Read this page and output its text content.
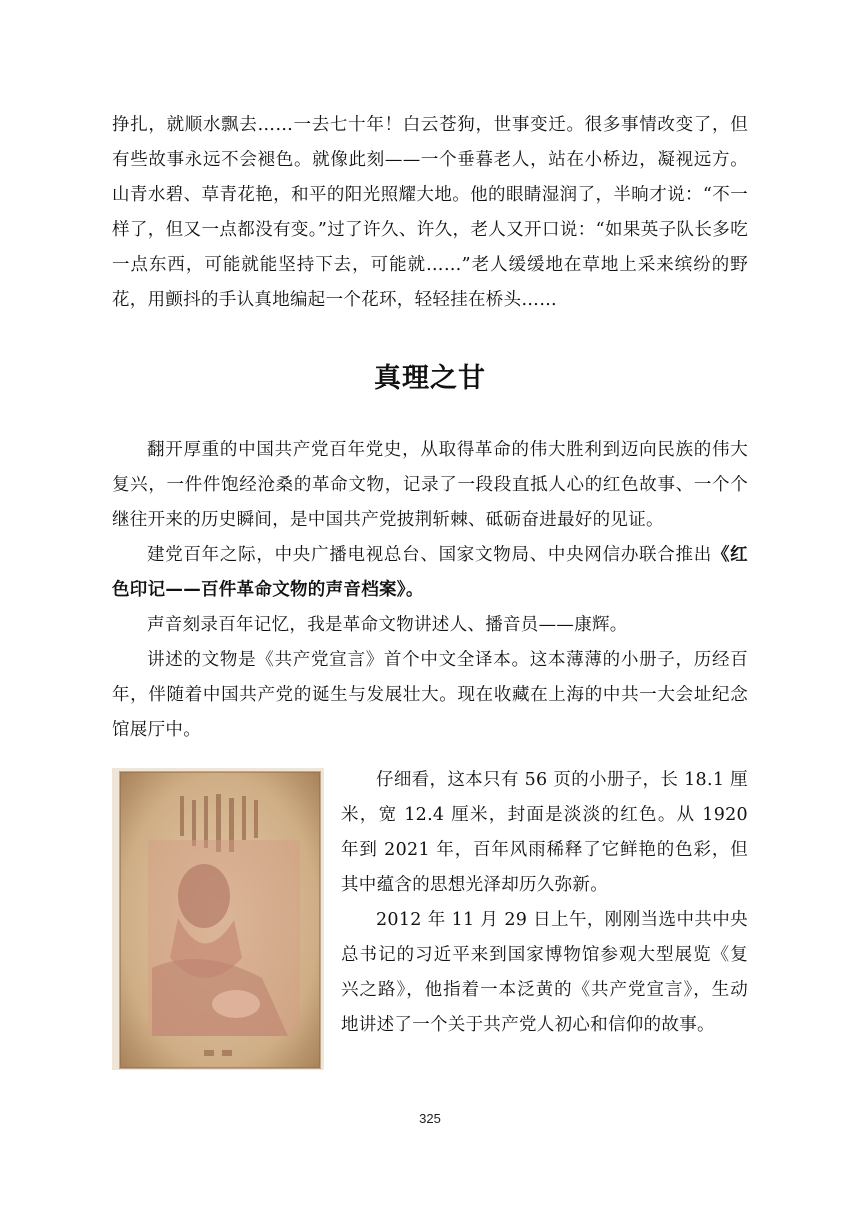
挣扎，就顺水飘去……一去七十年！白云苍狗，世事变迁。很多事情改变了，但有些故事永远不会褪色。就像此刻——一个垂暮老人，站在小桥边，凝视远方。山青水碧、草青花艳，和平的阳光照耀大地。他的眼睛湿润了，半晌才说：“不一样了，但又一点都没有变。”过了许久、许久，老人又开口说：“如果英子队长多吃一点东西，可能就能坚持下去，可能就……”老人缓缓地在草地上采来缤纷的野花，用颤抖的手认真地编起一个花环，轻轻挂在桥头……

真理之甘

翻开厚重的中国共产党百年党史，从取得革命的伟大胜利到迈向民族的伟大复兴，一件件饱经沧桑的革命文物，记录了一段段直抵人心的红色故事、一个个继往开来的历史瞬间，是中国共产党披荆斩棘、砥砺奋进最好的见证。

建党百年之际，中央广播电视总台、国家文物局、中央网信办联合推出《红色印记——百件革命文物的声音档案》。

声音刻录百年记忆，我是革命文物讲述人、播音员——康辉。

讲述的文物是《共产党宣言》首个中文全译本。这本薄薄的小册子，历经百年，伴随着中国共产党的诞生与发展壮大。现在收藏在上海的中共一大会址纪念馆展厅中。

仔细看，这本只有 56 页的小册子，长 18.1 厘米，宽 12.4 厘米，封面是淡淡的红色。从 1920 年到 2021 年，百年风雨稀释了它鲜艳的色彩，但其中蕴含的思想光泽却历久弥新。

2012 年 11 月 29 日上午，刚刚当选中共中央总书记的习近平来到国家博物馆参观大型展览《复兴之路》，他指着一本泛黄的《共产党宣言》，生动地讲述了一个关于共产党人初心和信仰的故事。

325
